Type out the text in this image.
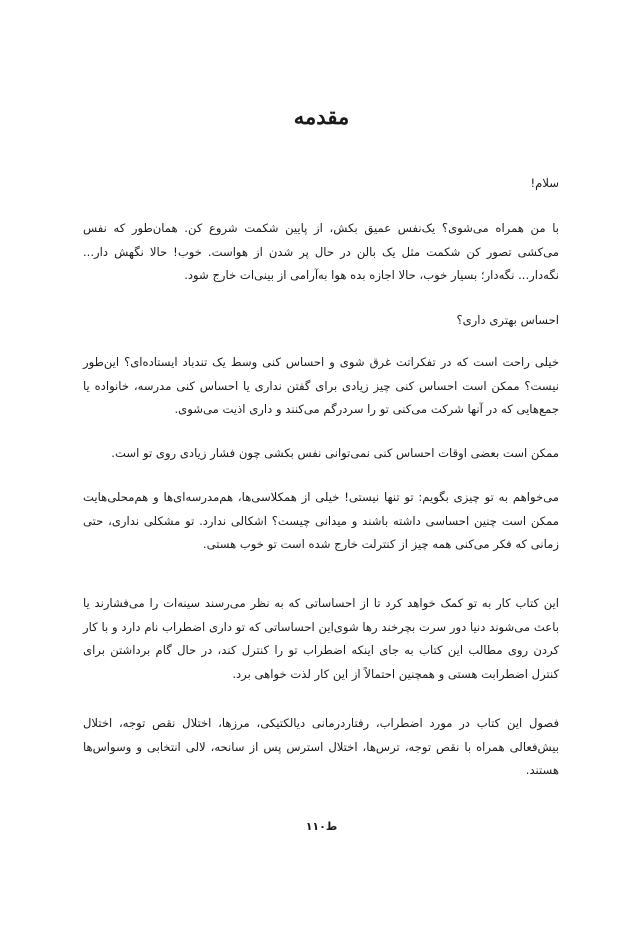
مقدمه

سلام!

با من همراه می‌شوی؟ یک‌نفس عمیق بکش، از پایین شکمت شروع کن. همان‌طور که نفس می‌کشی تصور کن شکمت مثل یک بالن در حال پر شدن از هواست. خوب! حالا نگهش دار... نگه‌دار... نگه‌دار؛ بسیار خوب، حالا اجازه بده هوا به‌آرامی از بینی‌ات خارج شود.

احساس بهتری داری؟

خیلی راحت است که در تفکراتت غرق شوی و احساس کنی وسط یک تندباد ایستاده‌ای؟ این‌طور نیست؟ ممکن است احساس کنی چیز زیادی برای گفتن نداری یا احساس کنی مدرسه، خانواده یا جمع‌هایی که در آنها شرکت می‌کنی تو را سردرگم می‌کنند و داری اذیت می‌شوی.

ممکن است بعضی اوقات احساس کنی نمی‌توانی نفس بکشی چون فشار زیادی روی تو است.

می‌خواهم به تو چیزی بگویم: تو تنها نیستی! خیلی از همکلاسی‌ها، هم‌مدرسه‌ای‌ها و هم‌محلی‌هایت ممکن است چنین احساسی داشته باشند و میدانی چیست؟ اشکالی ندارد. تو مشکلی نداری، حتی زمانی که فکر می‌کنی همه چیز از کنترلت خارج شده است تو خوب هستی.

این کتاب کار به تو کمک خواهد کرد تا از احساساتی که به نظر می‌رسند سینه‌ات را می‌فشارند یا باعث می‌شوند دنیا دور سرت بچرخند رها شوی‌این احساساتی که تو داری اضطراب نام دارد و با کار کردن روی مطالب این کتاب به جای اینکه اضطراب تو را کنترل کند، در حال گام برداشتن برای کنترل اضطرابت هستی و همچنین احتمالاً از این کار لذت خواهی برد.

فصول این کتاب در مورد اضطراب، رفتاردرمانی دیالکتیکی، مرزها، اختلال نقص توجه، اختلال بیش‌فعالی همراه با نقص توجه، ترس‌ها، اختلال استرس پس از سانحه، لالی انتخابی و وسواس‌ها هستند.

ط۱۱۰
